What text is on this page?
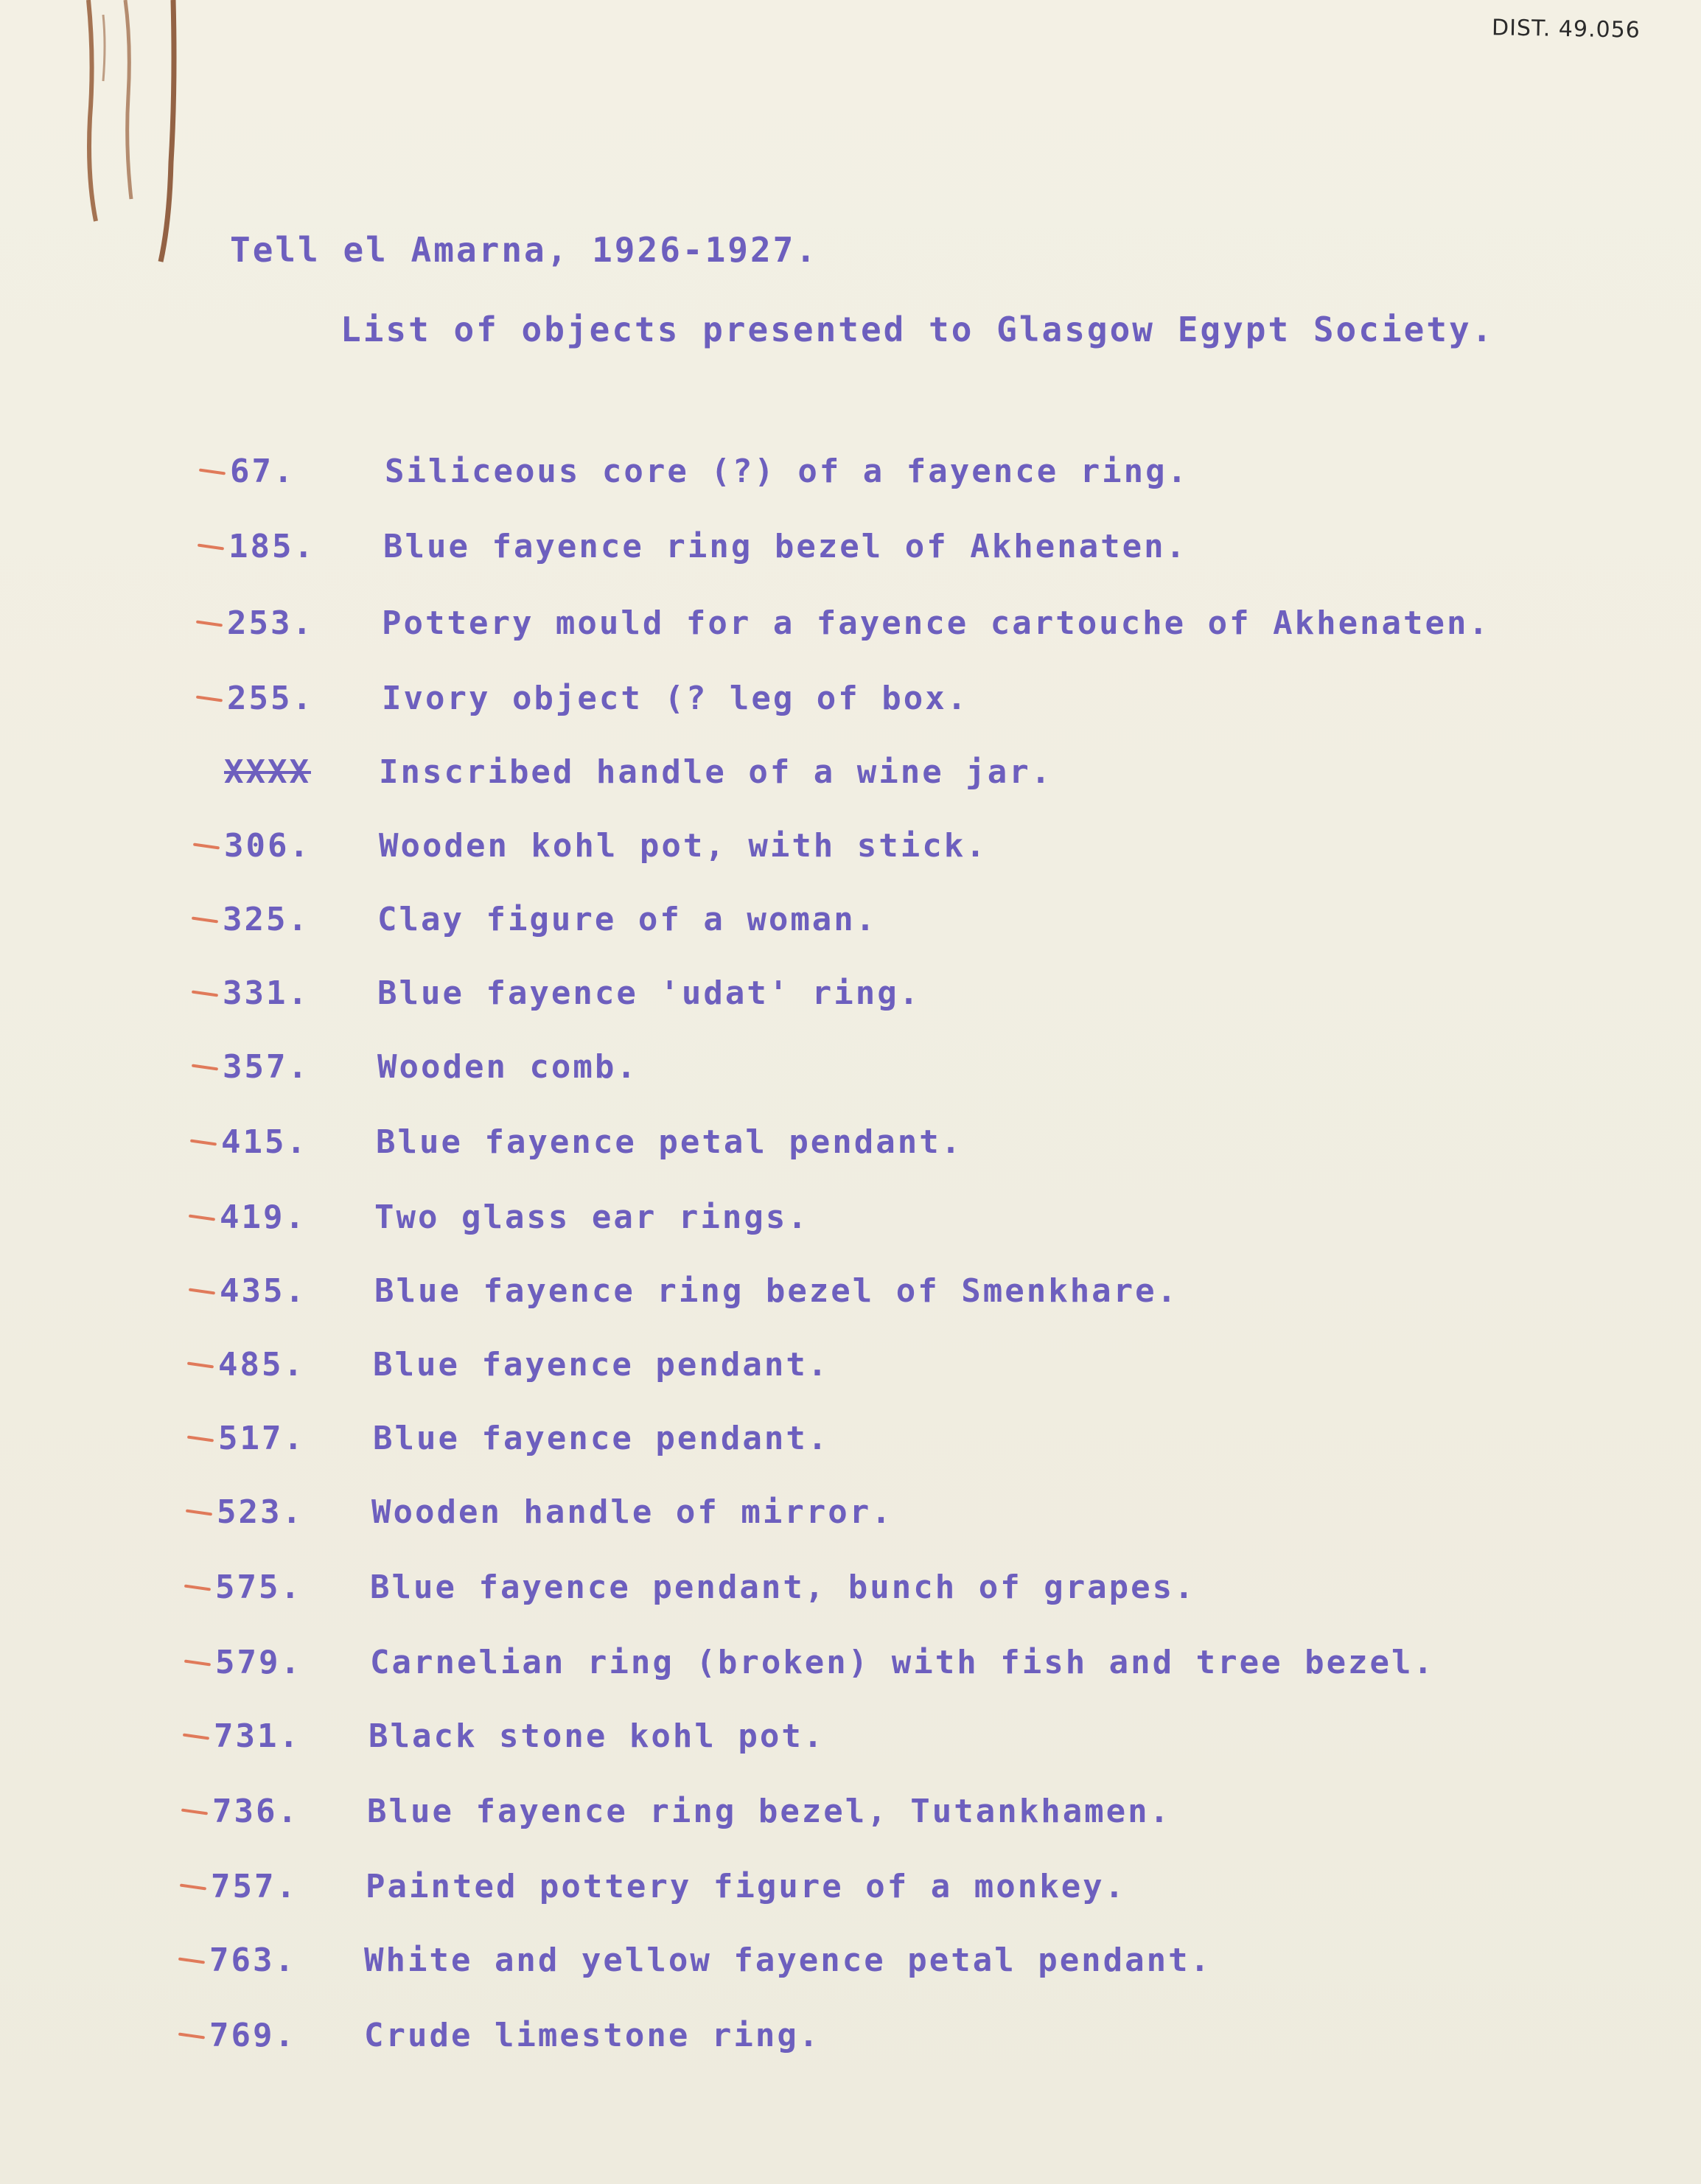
DIST. 49.056
Tell el Amarna, 1926-1927.
List of objects presented to Glasgow Egypt Society.
67.	Siliceous core (?) of a fayence ring.
185. Blue fayence ring bezel of Akhenaten.
253. Pottery mould for a fayence cartouche of Akhenaten.
255. Ivory object (? leg of box.
XXXX Inscribed handle of a wine jar.
306. Wooden kohl pot, with stick.
325. Clay figure of a woman.
331. Blue fayence 'udat' ring.
357. Wooden comb.
415. Blue fayence petal pendant.
419. Two glass ear rings.
435. Blue fayence ring bezel of Smenkhare.
485. Blue fayence pendant.
517. Blue fayence pendant.
523. Wooden handle of mirror.
575. Blue fayence pendant, bunch of grapes.
579. Carnelian ring (broken) with fish and tree bezel.
731. Black stone kohl pot.
736. Blue fayence ring bezel, Tutankhamen.
757. Painted pottery figure of a monkey.
763. White and yellow fayence petal pendant.
769. Crude limestone ring.
